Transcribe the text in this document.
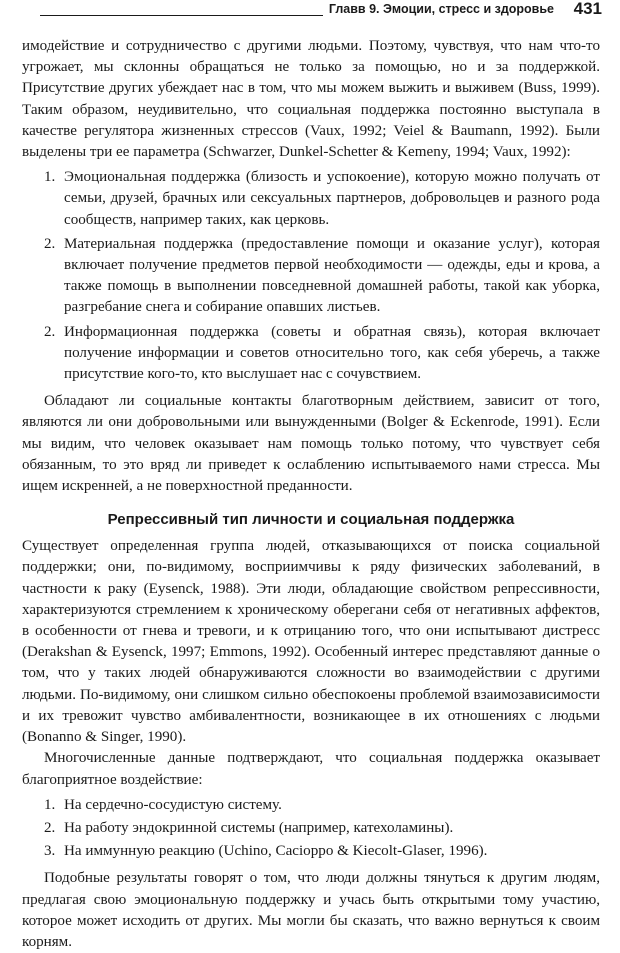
Главв 9. Эмоции, стресс и здоровье 431

имодействие и сотрудничество с другими людьми. Поэтому, чувствуя, что нам что-то угрожает, мы склонны обращаться не только за помощью, но и за поддержкой. Присутствие других убеждает нас в том, что мы можем выжить и выживем (Buss, 1999). Таким образом, неудивительно, что социальная поддержка постоянно выступала в качестве регулятора жизненных стрессов (Vaux, 1992; Veiel & Baumann, 1992). Были выделены три ее параметра (Schwarzer, Dunkel-Schetter & Kemeny, 1994; Vaux, 1992):

1. Эмоциональная поддержка (близость и успокоение), которую можно получать от семьи, друзей, брачных или сексуальных партнеров, добровольцев и разного рода сообществ, например таких, как церковь.
2. Материальная поддержка (предоставление помощи и оказание услуг), которая включает получение предметов первой необходимости — одежды, еды и крова, а также помощь в выполнении повседневной домашней работы, такой как уборка, разгребание снега и собирание опавших листьев.
2. Информационная поддержка (советы и обратная связь), которая включает получение информации и советов относительно того, как себя уберечь, а также присутствие кого-то, кто выслушает нас с сочувствием.

Обладают ли социальные контакты благотворным действием, зависит от того, являются ли они добровольными или вынужденными (Bolger & Eckenrode, 1991). Если мы видим, что человек оказывает нам помощь только потому, что чувствует себя обязанным, то это вряд ли приведет к ослаблению испытываемого нами стресса. Мы ищем искренней, а не поверхностной преданности.

Репрессивный тип личности и социальная поддержка

Существует определенная группа людей, отказывающихся от поиска социальной поддержки; они, по-видимому, восприимчивы к ряду физических заболеваний, в частности к раку (Eysenck, 1988). Эти люди, обладающие свойством репрессивности, характеризуются стремлением к хроническому оберегани себя от негативных аффектов, в особенности от гнева и тревоги, и к отрицанию того, что они испытывают дистресс (Derakshan & Eysenck, 1997; Emmons, 1992). Особенный интерес представляют данные о том, что у таких людей обнаруживаются сложности во взаимодействии с другими людьми. По-видимому, они слишком сильно обеспокоены проблемой взаимозависимости и их тревожит чувство амбивалентности, возникающее в их отношениях с людьми (Bonanno & Singer, 1990).

Многочисленные данные подтверждают, что социальная поддержка оказывает благоприятное воздействие:

1. На сердечно-сосудистую систему.
2. На работу эндокринной системы (например, катехоламины).
3. На иммунную реакцию (Uchino, Cacioppo & Kiecolt-Glaser, 1996).

Подобные результаты говорят о том, что люди должны тянуться к другим людям, предлагая свою эмоциональную поддержку и учась быть открытыми тому участию, которое может исходить от других. Мы могли бы сказать, что важно вернуться к своим корням.
